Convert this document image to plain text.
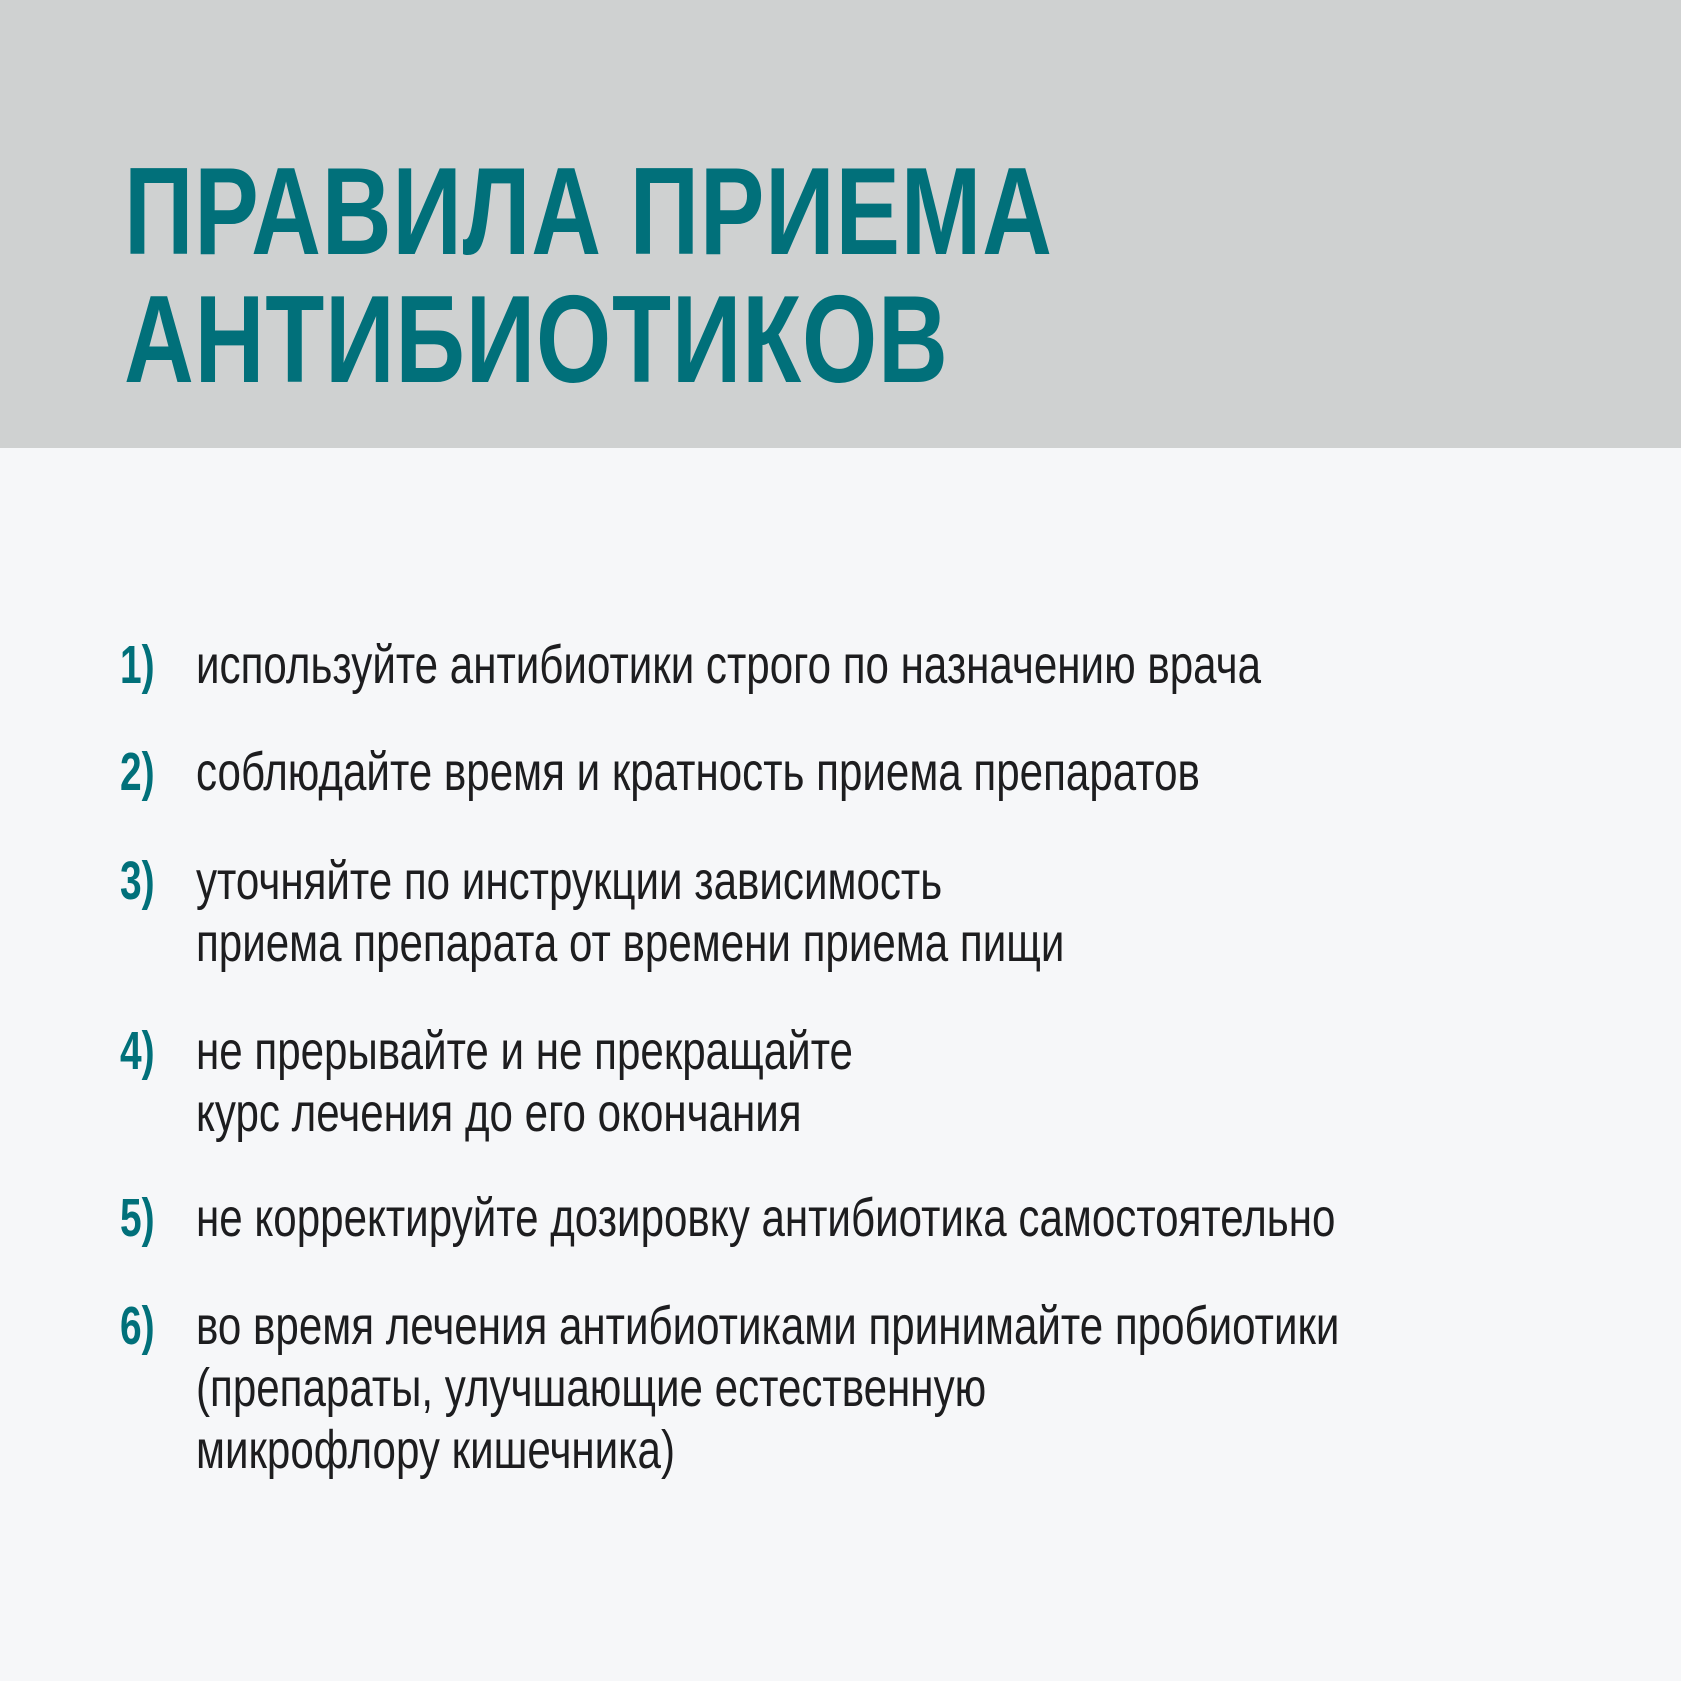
ПРАВИЛА ПРИЕМА
АНТИБИОТИКОВ
1) используйте антибиотики строго по назначению врача
2) соблюдайте время и кратность приема препаратов
3) уточняйте по инструкции зависимость
приема препарата от времени приема пищи
4) не прерывайте и не прекращайте
курс лечения до его окончания
5) не корректируйте дозировку антибиотика самостоятельно
6) во время лечения антибиотиками принимайте пробиотики
(препараты, улучшающие естественную
микрофлору кишечника)
